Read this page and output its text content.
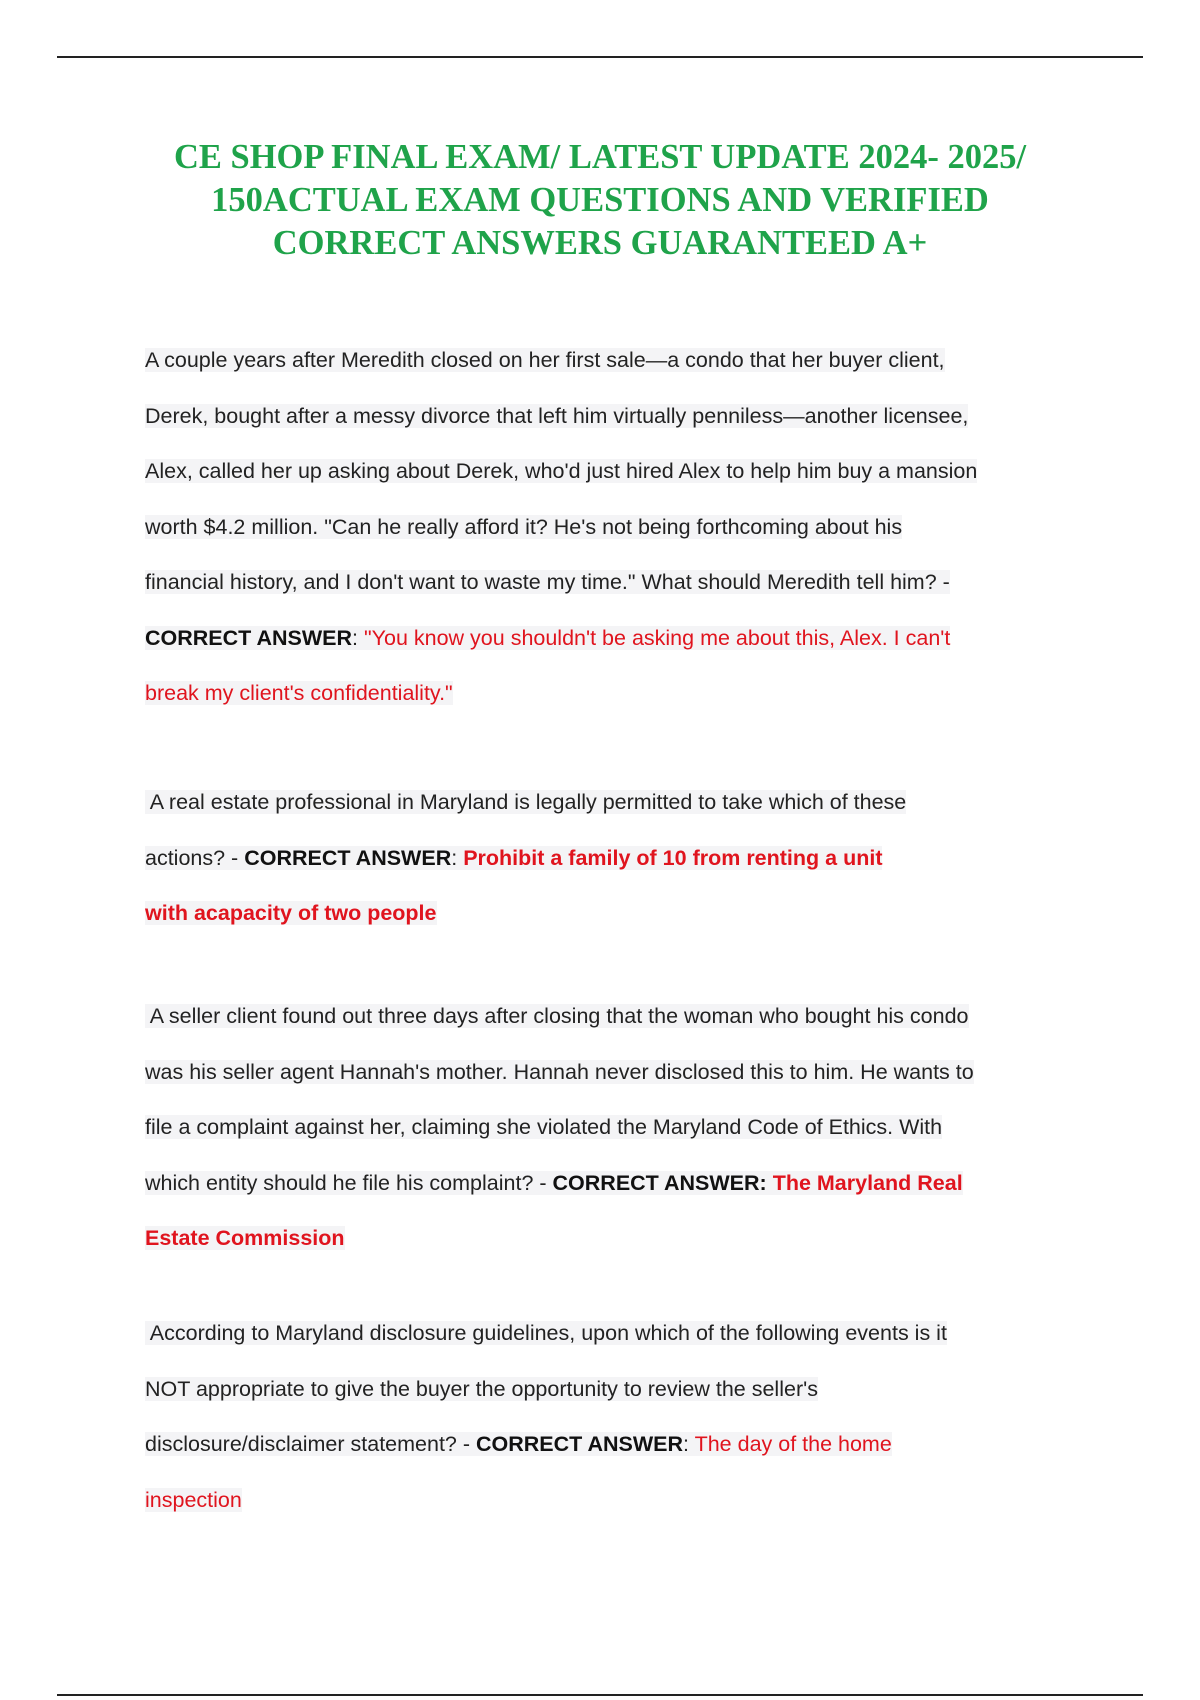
CE SHOP FINAL EXAM/ LATEST UPDATE 2024- 2025/
150ACTUAL EXAM QUESTIONS AND VERIFIED
CORRECT ANSWERS GUARANTEED A+
A couple years after Meredith closed on her first sale—a condo that her buyer client,
Derek, bought after a messy divorce that left him virtually penniless—another licensee,
Alex, called her up asking about Derek, who'd just hired Alex to help him buy a mansion
worth $4.2 million. "Can he really afford it? He's not being forthcoming about his
financial history, and I don't want to waste my time." What should Meredith tell him? -
CORRECT ANSWER: "You know you shouldn't be asking me about this, Alex. I can't
break my client's confidentiality."
A real estate professional in Maryland is legally permitted to take which of these
actions? - CORRECT ANSWER: Prohibit a family of 10 from renting a unit
with acapacity of two people
A seller client found out three days after closing that the woman who bought his condo
was his seller agent Hannah's mother. Hannah never disclosed this to him. He wants to
file a complaint against her, claiming she violated the Maryland Code of Ethics. With
which entity should he file his complaint? - CORRECT ANSWER: The Maryland Real
Estate Commission
According to Maryland disclosure guidelines, upon which of the following events is it
NOT appropriate to give the buyer the opportunity to review the seller's
disclosure/disclaimer statement? - CORRECT ANSWER: The day of the home
inspection
